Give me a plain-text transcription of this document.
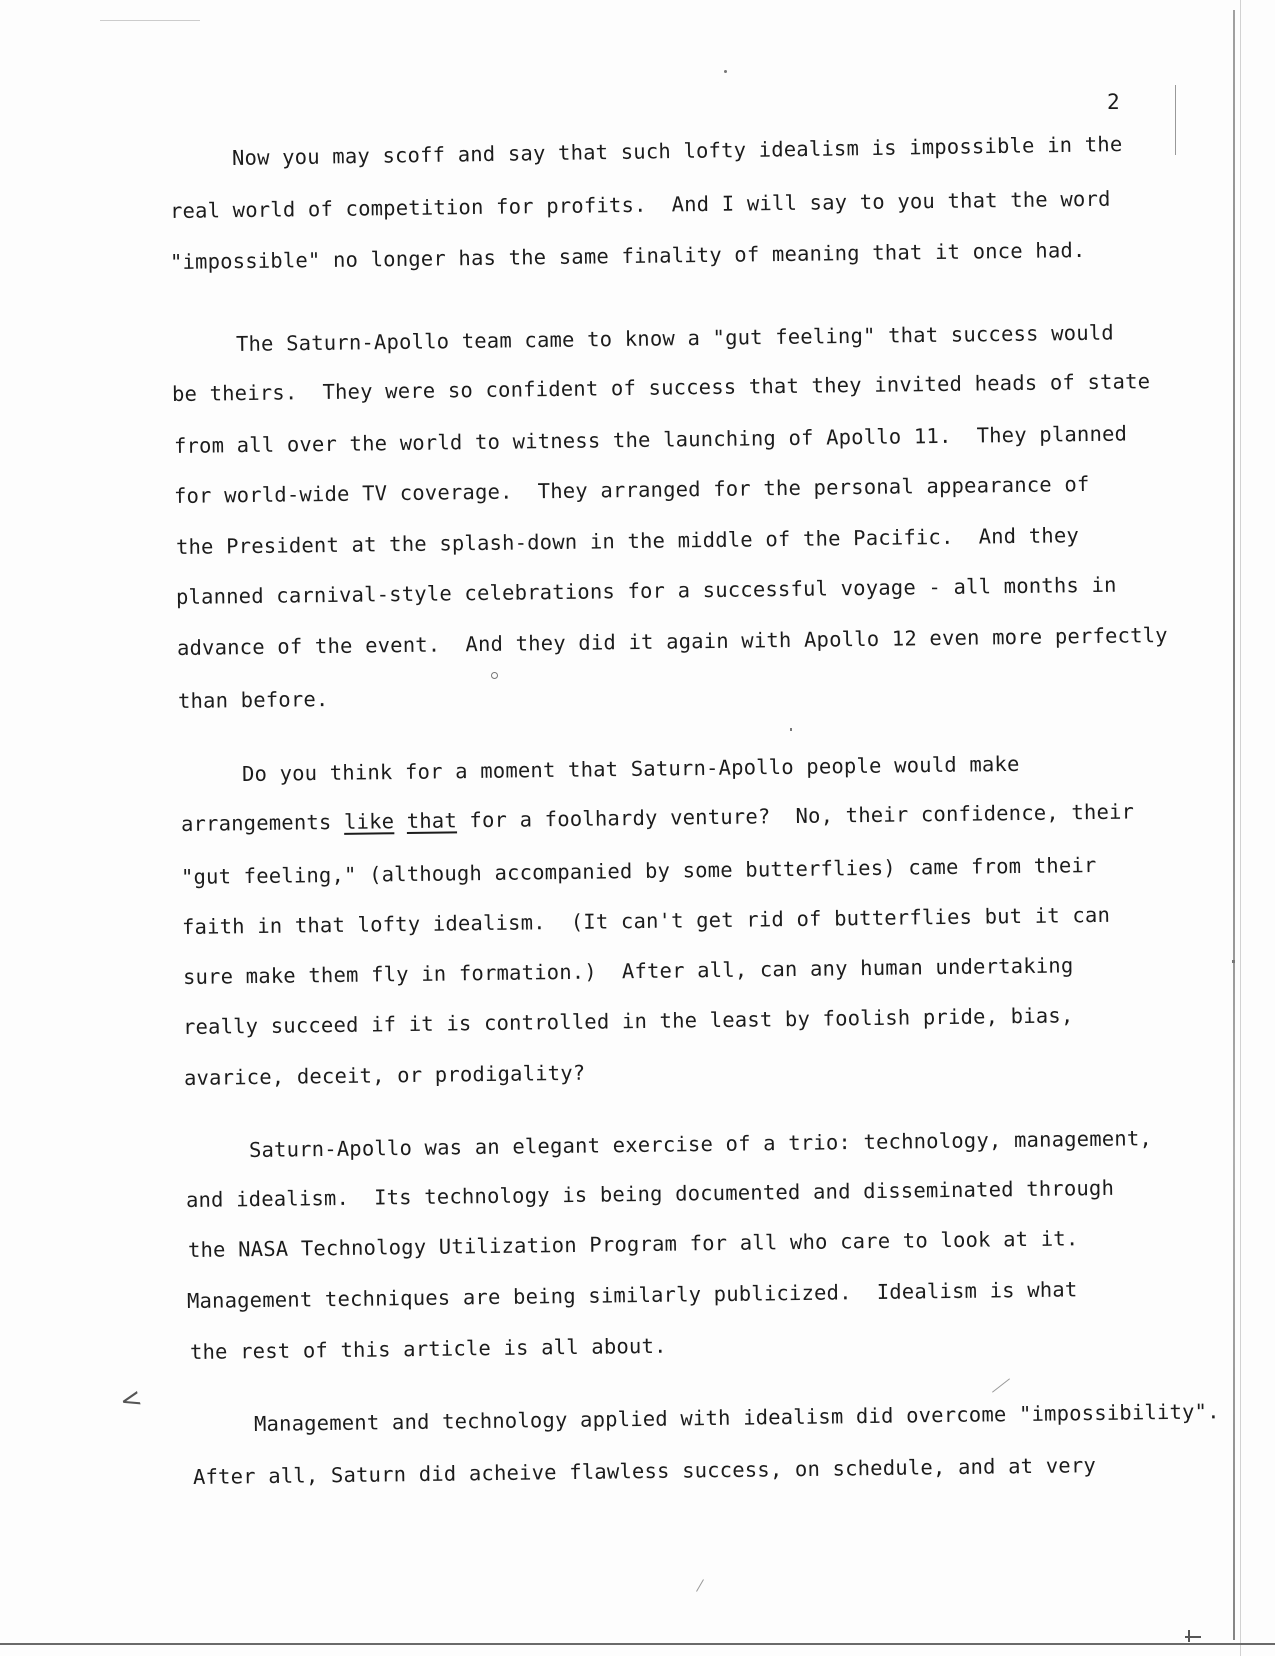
<
2
Now you may scoff and say that such lofty idealism is impossible in the
real world of competition for profits.  And I will say to you that the word
"impossible" no longer has the same finality of meaning that it once had.
The Saturn-Apollo team came to know a "gut feeling" that success would
be theirs.  They were so confident of success that they invited heads of state
from all over the world to witness the launching of Apollo 11.  They planned
for world-wide TV coverage.  They arranged for the personal appearance of
the President at the splash-down in the middle of the Pacific.  And they
planned carnival-style celebrations for a successful voyage - all months in
advance of the event.  And they did it again with Apollo 12 even more perfectly
than before.
Do you think for a moment that Saturn-Apollo people would make
arrangements like that for a foolhardy venture?  No, their confidence, their
"gut feeling," (although accompanied by some butterflies) came from their
faith in that lofty idealism.  (It can't get rid of butterflies but it can
sure make them fly in formation.)  After all, can any human undertaking
really succeed if it is controlled in the least by foolish pride, bias,
avarice, deceit, or prodigality?
Saturn-Apollo was an elegant exercise of a trio: technology, management,
and idealism.  Its technology is being documented and disseminated through
the NASA Technology Utilization Program for all who care to look at it.
Management techniques are being similarly publicized.  Idealism is what
the rest of this article is all about.
Management and technology applied with idealism did overcome "impossibility".
After all, Saturn did acheive flawless success, on schedule, and at very
